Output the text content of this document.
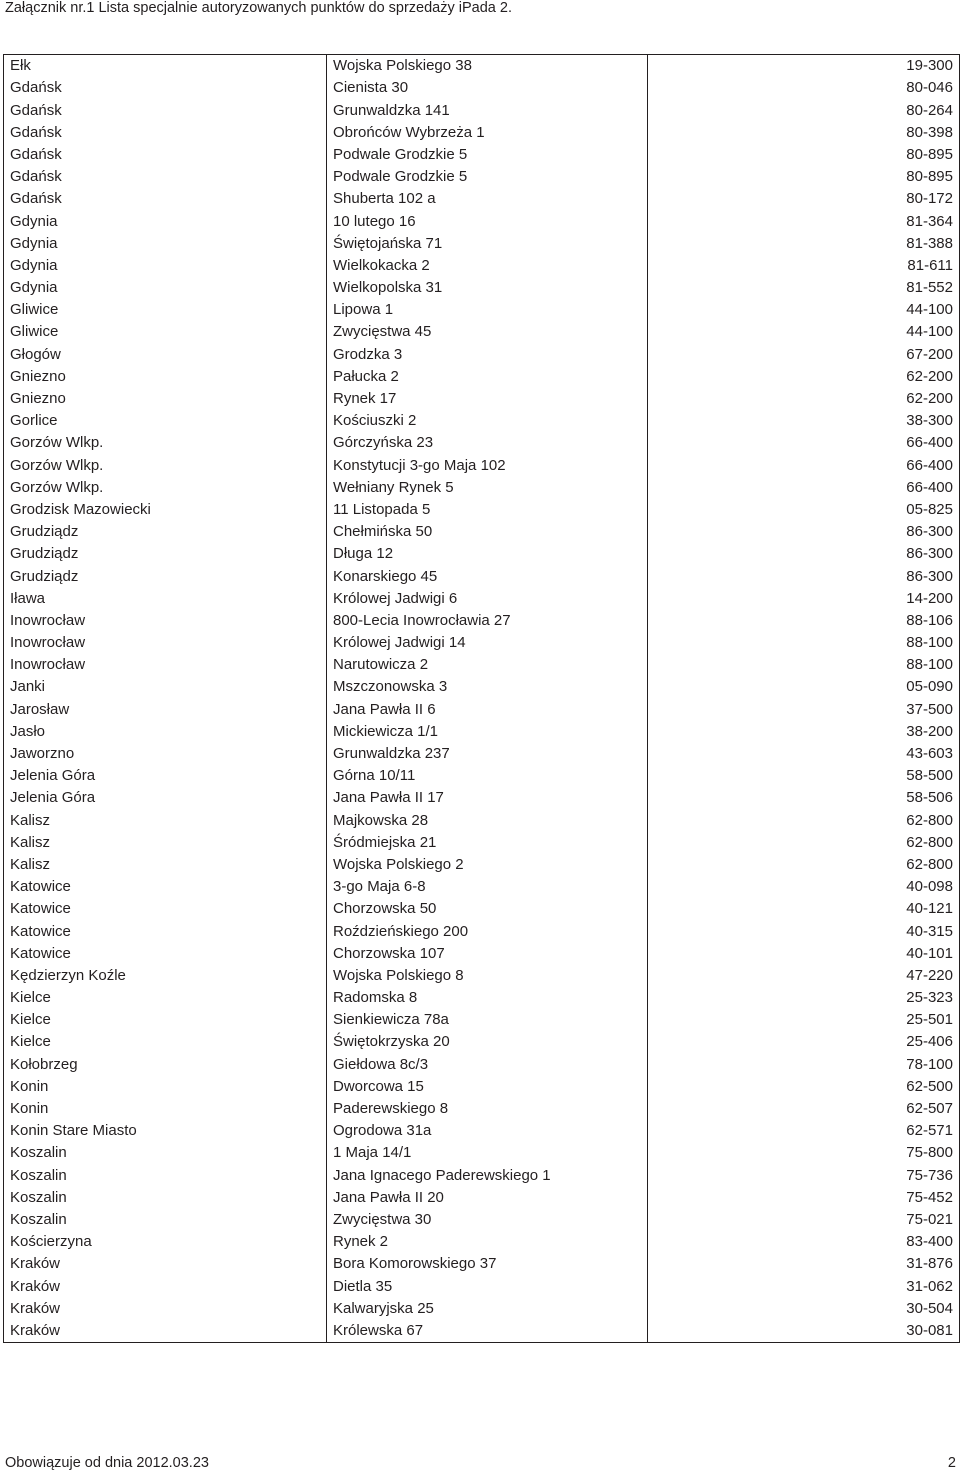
Załącznik nr.1 Lista specjalnie autoryzowanych punktów do sprzedaży iPada 2.
Ełk	Wojska Polskiego 38	19-300
Gdańsk	Cienista 30	80-046
Gdańsk	Grunwaldzka 141	80-264
Gdańsk	Obrońców Wybrzeża 1	80-398
Gdańsk	Podwale Grodzkie 5	80-895
Gdańsk	Podwale Grodzkie 5	80-895
Gdańsk	Shuberta 102 a	80-172
Gdynia	10 lutego 16	81-364
Gdynia	Świętojańska 71	81-388
Gdynia	Wielkokacka 2	81-611
Gdynia	Wielkopolska 31	81-552
Gliwice	Lipowa 1	44-100
Gliwice	Zwycięstwa 45	44-100
Głogów	Grodzka 3	67-200
Gniezno	Pałucka 2	62-200
Gniezno	Rynek 17	62-200
Gorlice	Kościuszki 2	38-300
Gorzów Wlkp.	Górczyńska 23	66-400
Gorzów Wlkp.	Konstytucji 3-go Maja 102	66-400
Gorzów Wlkp.	Wełniany Rynek 5	66-400
Grodzisk Mazowiecki	11 Listopada 5	05-825
Grudziądz	Chełmińska 50	86-300
Grudziądz	Długa 12	86-300
Grudziądz	Konarskiego 45	86-300
Iława	Królowej Jadwigi 6	14-200
Inowrocław	800-Lecia Inowrocławia 27	88-106
Inowrocław	Królowej Jadwigi 14	88-100
Inowrocław	Narutowicza 2	88-100
Janki	Mszczonowska 3	05-090
Jarosław	Jana Pawła II 6	37-500
Jasło	Mickiewicza 1/1	38-200
Jaworzno	Grunwaldzka 237	43-603
Jelenia Góra	Górna 10/11	58-500
Jelenia Góra	Jana Pawła II 17	58-506
Kalisz	Majkowska 28	62-800
Kalisz	Śródmiejska 21	62-800
Kalisz	Wojska Polskiego 2	62-800
Katowice	3-go Maja 6-8	40-098
Katowice	Chorzowska 50	40-121
Katowice	Roździeńskiego 200	40-315
Katowice	Chorzowska 107	40-101
Kędzierzyn Koźle	Wojska Polskiego 8	47-220
Kielce	Radomska 8	25-323
Kielce	Sienkiewicza 78a	25-501
Kielce	Świętokrzyska 20	25-406
Kołobrzeg	Giełdowa 8c/3	78-100
Konin	Dworcowa 15	62-500
Konin	Paderewskiego 8	62-507
Konin Stare Miasto	Ogrodowa 31a	62-571
Koszalin	1 Maja 14/1	75-800
Koszalin	Jana Ignacego Paderewskiego 1	75-736
Koszalin	Jana Pawła II 20	75-452
Koszalin	Zwycięstwa 30	75-021
Kościerzyna	Rynek 2	83-400
Kraków	Bora Komorowskiego 37	31-876
Kraków	Dietla 35	31-062
Kraków	Kalwaryjska 25	30-504
Kraków	Królewska 67	30-081
Obowiązuje od dnia 2012.03.23	2
